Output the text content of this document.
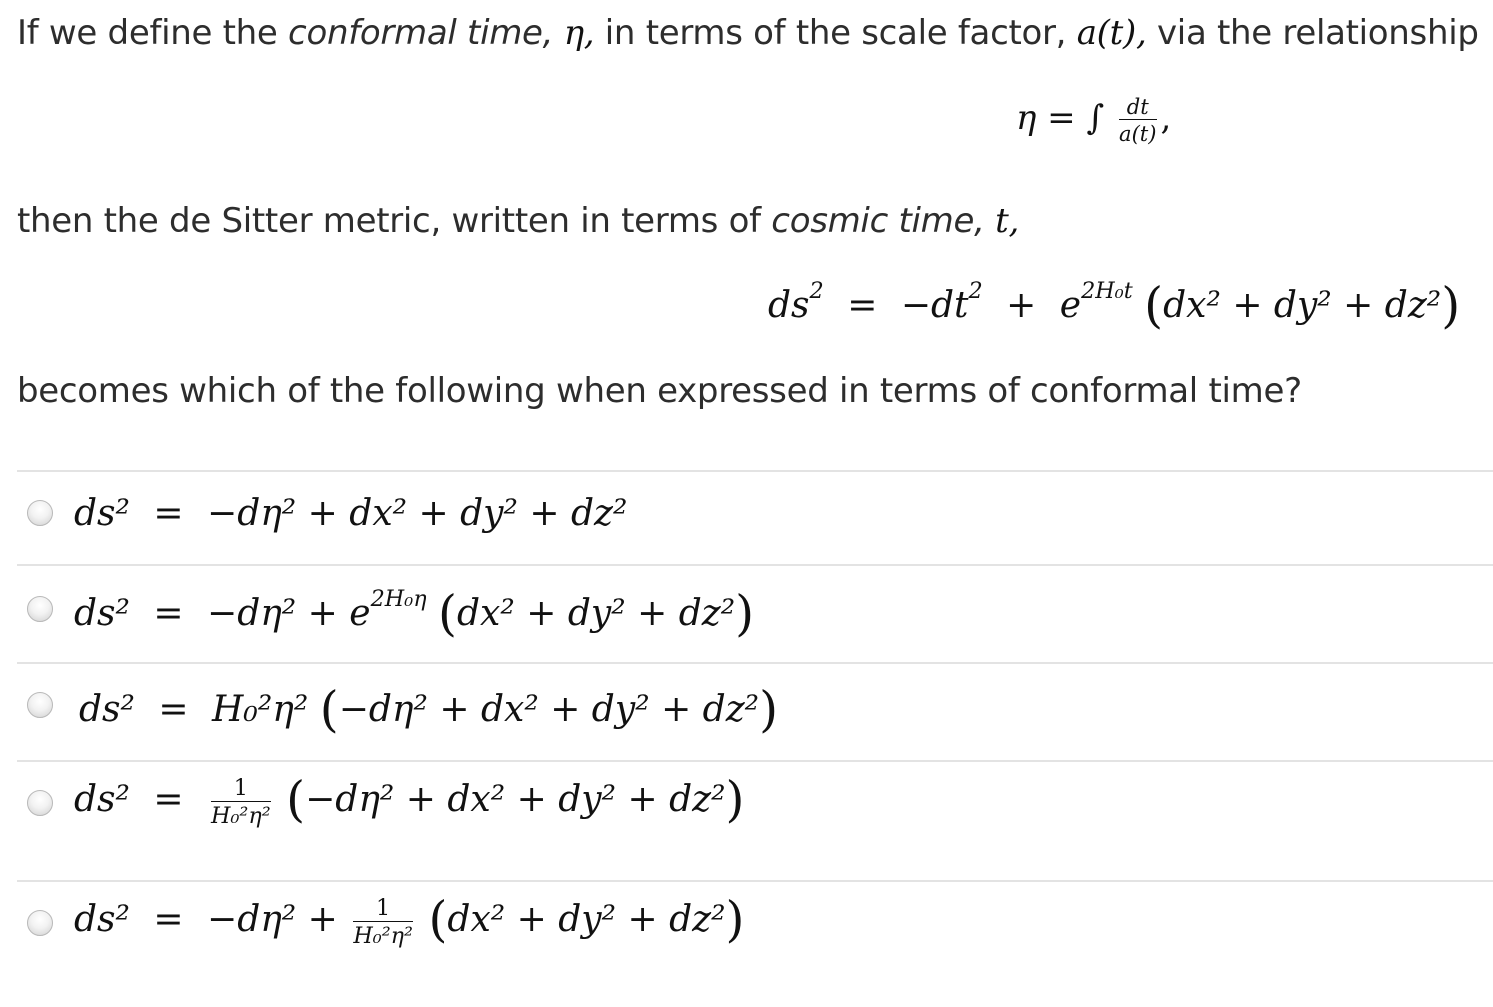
If we define the conformal time, η, in terms of the scale factor, a(t), via the relationship
η = ∫ $\frac{dt}{a(t)}$ ,
then the de Sitter metric, written in terms of cosmic time, t,
$ds^2 = -dt^2 + e^{2H_0t}$ (dx² + dy² + dz²)
becomes which of the following when expressed in terms of conformal time?
ds² = −dη² + dx² + dy² + dz²
$ds^2 = -d\eta^2 + e^{2H_0\eta}$ (dx² + dy² + dz²)
ds² = H₀²η² (−dη² + dx² + dy² + dz²)
$ds^2 = \frac{1}{\text{H₀²η²}} (-d\eta^2 + dx^2 + dy^2 + dz^2)$
$ds^2 = -d\eta^2 + \frac{1}{\text{H₀²η²}} (dx^2 + dy^2 + dz^2)$
